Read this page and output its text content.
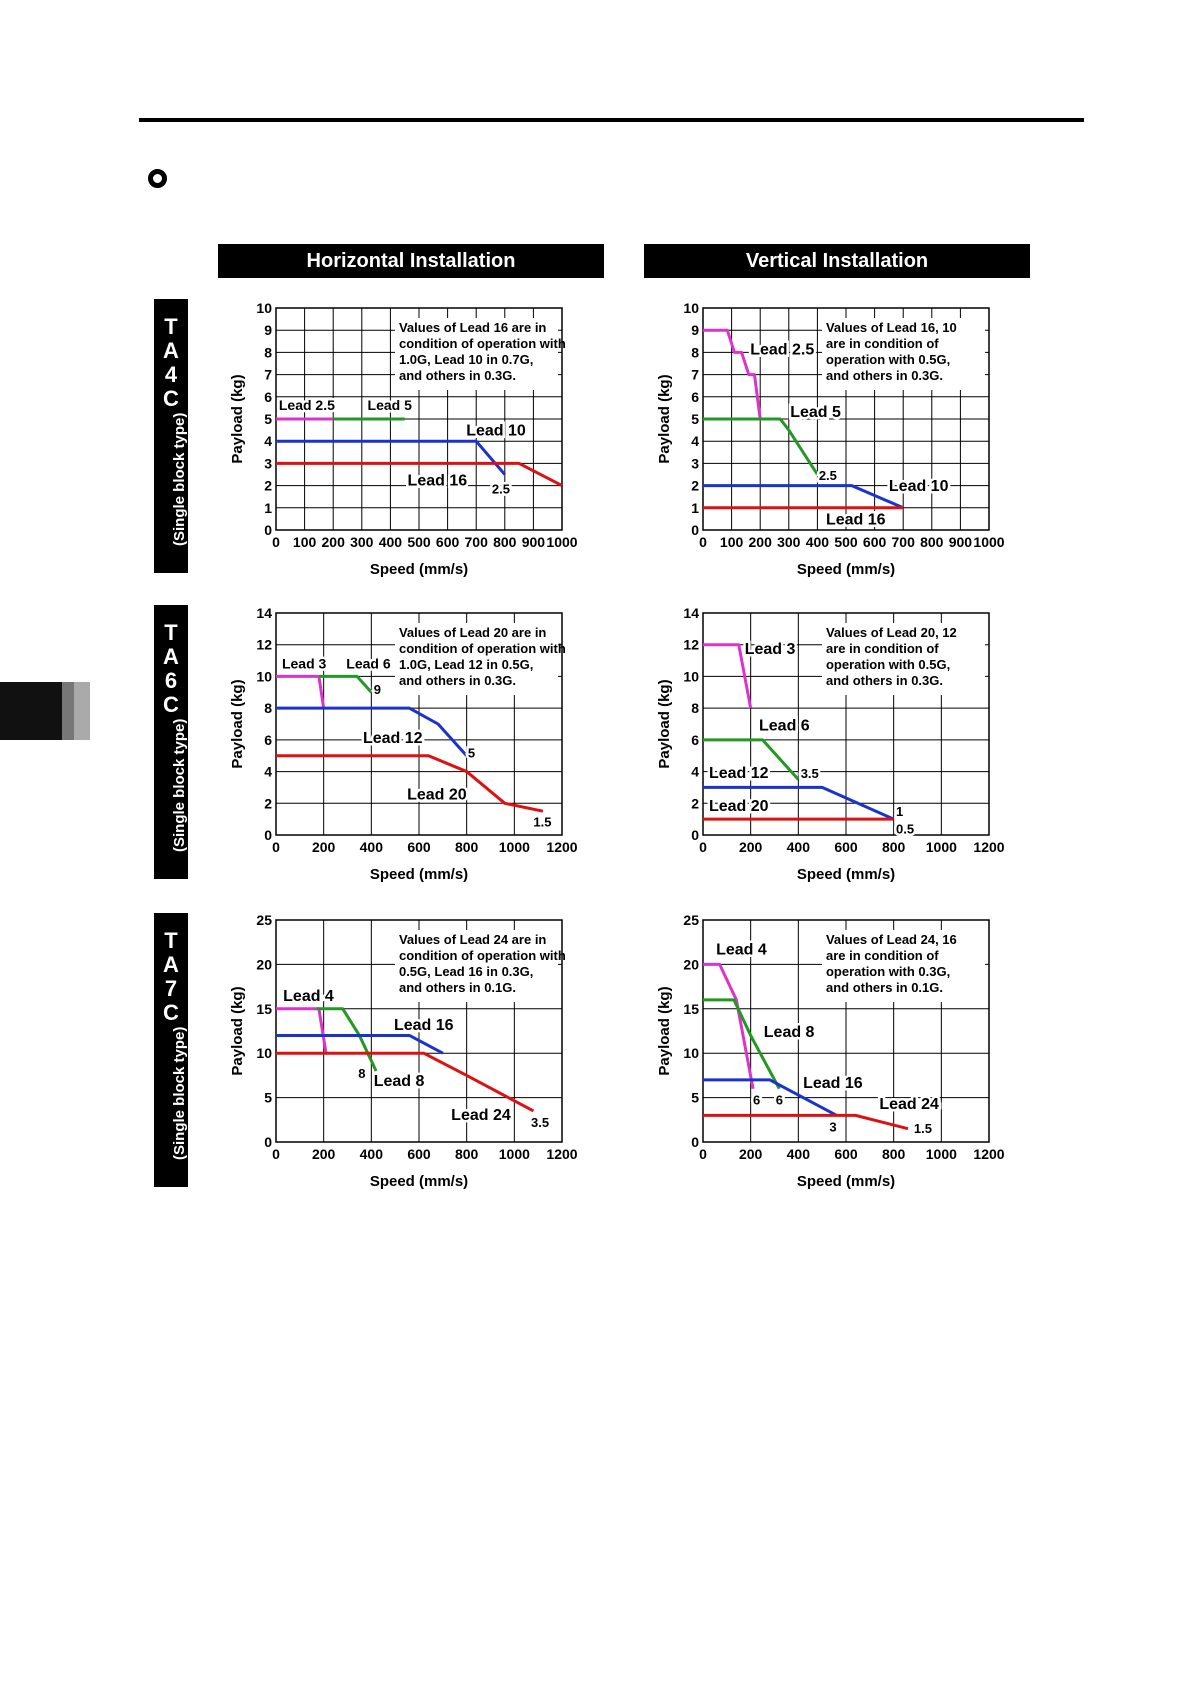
Horizontal Installation	Vertical Installation
T
A
4
C
(Single block type)
T
A
6
C
(Single block type)
T
A
7
C
(Single block type)
0 100 200 300 400 500 600 700 800 900 1000
0
1
2
3
4
5
6
7
8
9
10
Values of Lead 16 are in
condition of operation with
1.0G, Lead 10 in 0.7G,
and others in 0.3G.
Lead 2.5 Lead 5
Lead 10
Lead 16 2.5
Speed (mm/s)
Payload (kg)
0 100 200 300 400 500 600 700 800 900 1000
0
1
2
3
4
5
6
7
8
9
10
Values of Lead 16, 10
are in condition of
operation with 0.5G,
and others in 0.3G.
Lead 2.5
Lead 5
Lead 10
Lead 16
2.5
Speed (mm/s)
Payload (kg)
0 200 400 600 800 1000 1200
0
2
4
6
8
10
12
14
Values of Lead 20 are in
condition of operation with
1.0G, Lead 12 in 0.5G,
and others in 0.3G.
Lead 3 Lead 6
Lead 12
Lead 20
9
5
1.5
Speed (mm/s)
Payload (kg)
0 200 400 600 800 1000 1200
0
2
4
6
8
10
12
14
Values of Lead 20, 12
are in condition of
operation with 0.5G,
and others in 0.3G.
Lead 3
Lead 6
Lead 12
Lead 20
3.5
1
0.5
Speed (mm/s)
Payload (kg)
0 200 400 600 800 1000 1200
0
5
10
15
20
25
Values of Lead 24 are in
condition of operation with
0.5G, Lead 16 in 0.3G,
and others in 0.1G.
Lead 4
Lead 16
Lead 8
Lead 24
8
3.5
Speed (mm/s)
Payload (kg)
0 200 400 600 800 1000 1200
0
5
10
15
20
25
Values of Lead 24, 16
are in condition of
operation with 0.3G,
and others in 0.1G.
Lead 4
Lead 8
Lead 16
Lead 24
6 6
3	1.5
Speed (mm/s)
Payload (kg)
